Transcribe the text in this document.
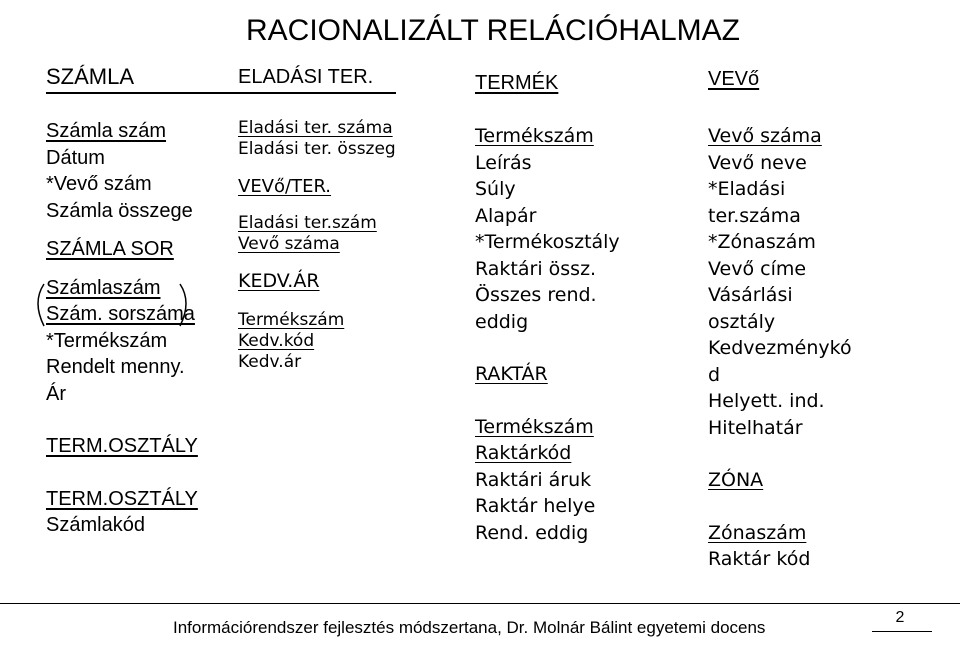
RACIONALIZÁLT RELÁCIÓHALMAZ
SZÁMLA
Számla szám
Dátum
*Vevő szám
Számla összege
SZÁMLA SOR
Számlaszám
Szám. sorszáma
*Termékszám
Rendelt menny.
Ár
TERM.OSZTÁLY
TERM.OSZTÁLY
Számlakód
ELADÁSI TER.
Eladási ter. száma
Eladási ter. összeg
VEVő/TER.
Eladási ter.szám
Vevő száma
KEDV.ÁR
Termékszám
Kedv.kód
Kedv.ár
TERMÉK
Termékszám
Leírás
Súly
Alapár
*Termékosztály
Raktári össz.
Összes rend.
eddig
RAKTÁR
Termékszám
Raktárkód
Raktári áruk
Raktár helye
Rend. eddig
VEVő
Vevő száma
Vevő neve
*Eladási
ter.száma
*Zónaszám
Vevő címe
Vásárlási
osztály
Kedvezménykó
d
Helyett. ind.
Hitelhatár
ZÓNA
Zónaszám
Raktár kód
Információrendszer fejlesztés módszertana, Dr. Molnár Bálint egyetemi docens
2
